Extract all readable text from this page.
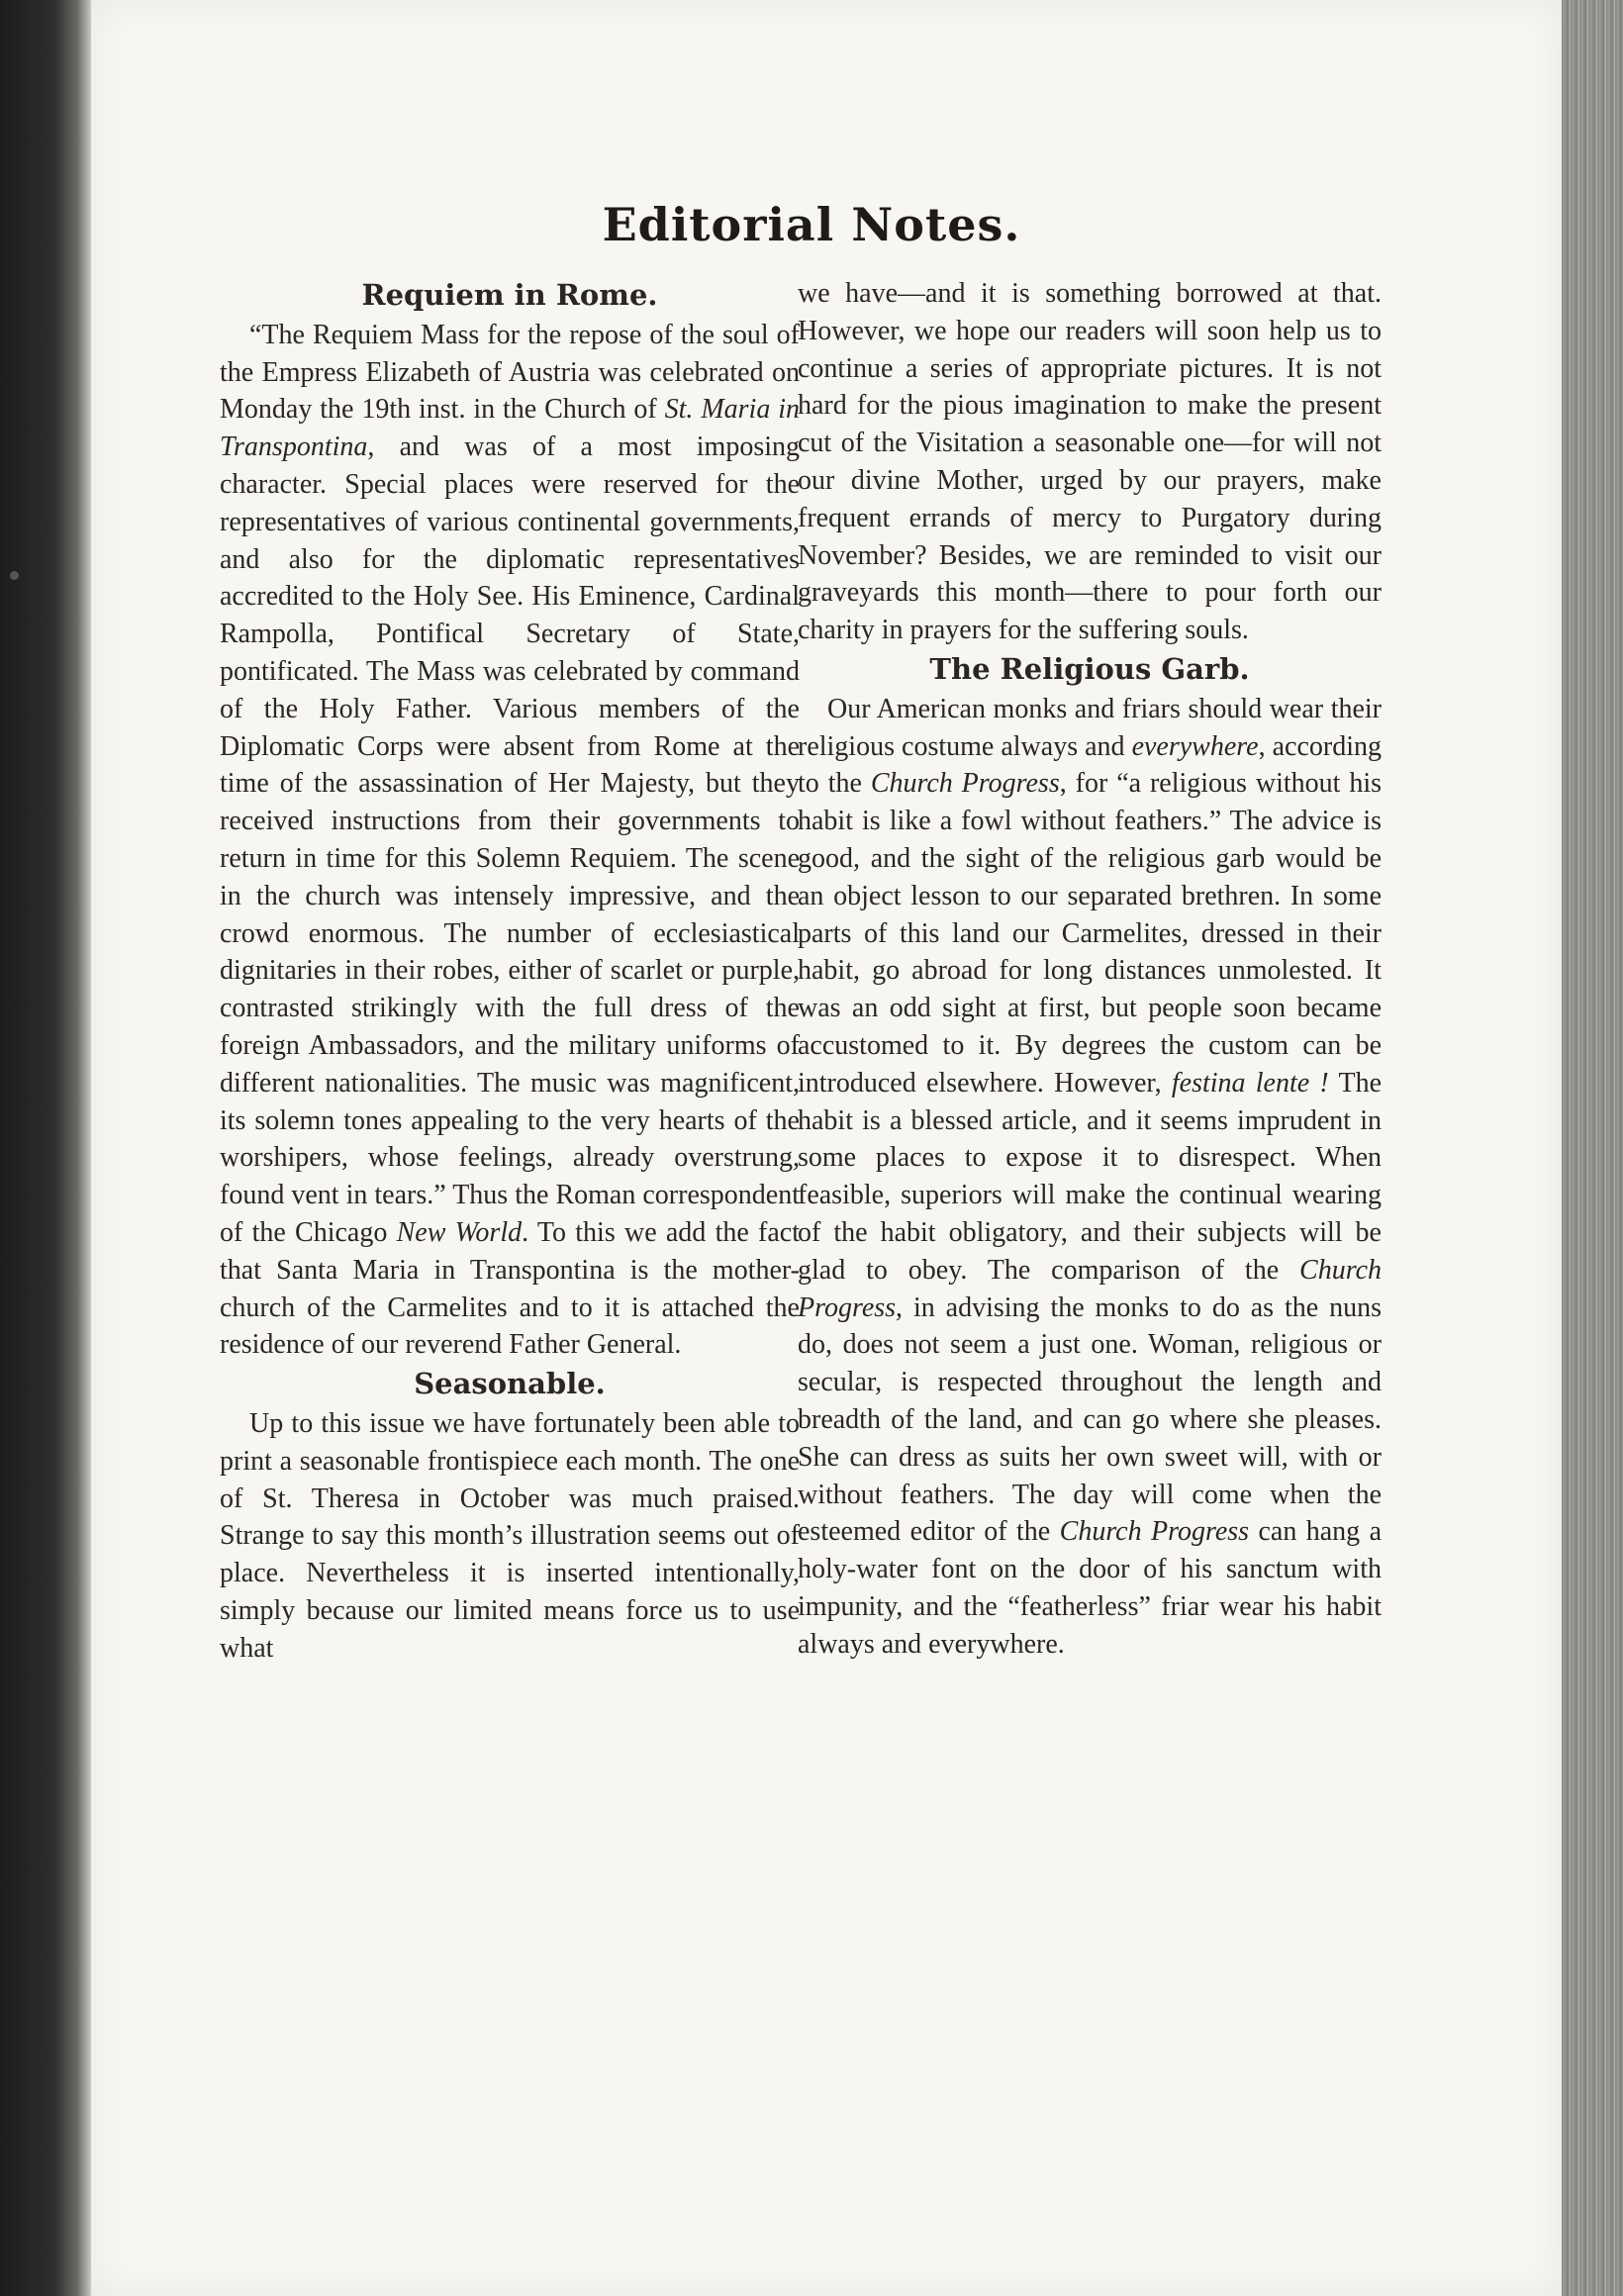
Editorial Notes.
Requiem in Rome.

“The Requiem Mass for the repose of the soul of the Empress Elizabeth of Austria was celebrated on Monday the 19th inst. in the Church of St. Maria in Transpontina, and was of a most imposing character. Special places were reserved for the representatives of various continental governments, and also for the diplomatic representatives accredited to the Holy See. His Eminence, Cardinal Rampolla, Pontifical Secretary of State, pontificated. The Mass was celebrated by command of the Holy Father. Various members of the Diplomatic Corps were absent from Rome at the time of the assassination of Her Majesty, but they received instructions from their governments to return in time for this Solemn Requiem. The scene in the church was intensely impressive, and the crowd enormous. The number of ecclesiastical dignitaries in their robes, either of scarlet or purple, contrasted strikingly with the full dress of the foreign Ambassadors, and the military uniforms of different nationalities. The music was magnificent, its solemn tones appealing to the very hearts of the worshipers, whose feelings, already overstrung, found vent in tears.” Thus the Roman correspondent of the Chicago New World. To this we add the fact that Santa Maria in Transpontina is the mother-church of the Carmelites and to it is attached the residence of our reverend Father General.

Seasonable.

Up to this issue we have fortunately been able to print a seasonable frontispiece each month. The one of St. Theresa in October was much praised. Strange to say this month’s illustration seems out of place. Nevertheless it is inserted intentionally, simply because our limited means force us to use what

we have—and it is something borrowed at that. However, we hope our readers will soon help us to continue a series of appropriate pictures. It is not hard for the pious imagination to make the present cut of the Visitation a seasonable one—for will not our divine Mother, urged by our prayers, make frequent errands of mercy to Purgatory during November? Besides, we are reminded to visit our graveyards this month—there to pour forth our charity in prayers for the suffering souls.

The Religious Garb.

Our American monks and friars should wear their religious costume always and everywhere, according to the Church Progress, for “a religious without his habit is like a fowl without feathers.” The advice is good, and the sight of the religious garb would be an object lesson to our separated brethren. In some parts of this land our Carmelites, dressed in their habit, go abroad for long distances unmolested. It was an odd sight at first, but people soon became accustomed to it. By degrees the custom can be introduced elsewhere. However, festina lente ! The habit is a blessed article, and it seems imprudent in some places to expose it to disrespect. When feasible, superiors will make the continual wearing of the habit obligatory, and their subjects will be glad to obey. The comparison of the Church Progress, in advising the monks to do as the nuns do, does not seem a just one. Woman, religious or secular, is respected throughout the length and breadth of the land, and can go where she pleases. She can dress as suits her own sweet will, with or without feathers. The day will come when the esteemed editor of the Church Progress can hang a holy-water font on the door of his sanctum with impunity, and the “featherless” friar wear his habit always and everywhere.
